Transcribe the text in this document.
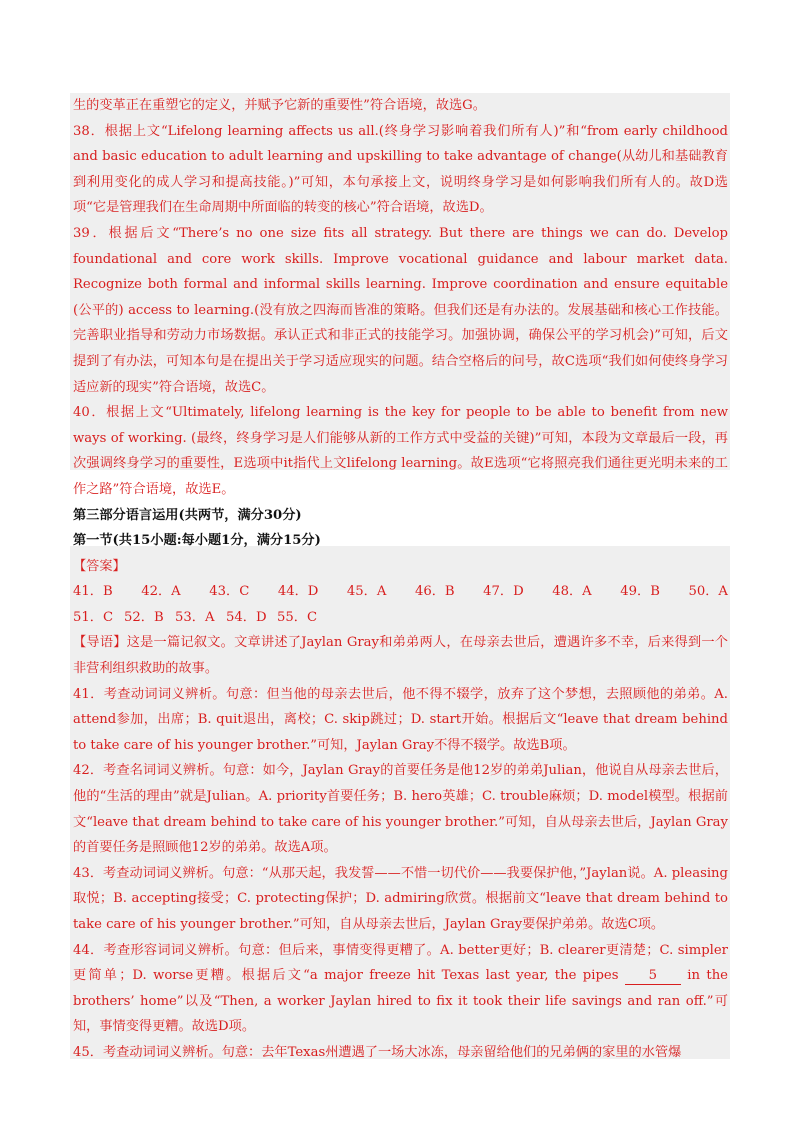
生的变革正在重塑它的定义，并赋予它新的重要性”符合语境，故选G。

38．根据上文“Lifelong learning affects us all.(终身学习影响着我们所有人)”和“from early childhood and basic education to adult learning and upskilling to take advantage of change(从幼儿和基础教育到利用变化的成人学习和提高技能。)”可知，本句承接上文，说明终身学习是如何影响我们所有人的。故D选项“它是管理我们在生命周期中所面临的转变的核心”符合语境，故选D。

39．根据后文“There’s no one size fits all strategy. But there are things we can do. Develop foundational and core work skills. Improve vocational guidance and labour market data. Recognize both formal and informal skills learning. Improve coordination and ensure equitable (公平的) access to learning.(没有放之四海而皆准的策略。但我们还是有办法的。发展基础和核心工作技能。完善职业指导和劳动力市场数据。承认正式和非正式的技能学习。加强协调，确保公平的学习机会)”可知，后文提到了有办法，可知本句是在提出关于学习适应现实的问题。结合空格后的问号，故C选项“我们如何使终身学习适应新的现实”符合语境，故选C。

40．根据上文“Ultimately, lifelong learning is the key for people to be able to benefit from new ways of working. (最终，终身学习是人们能够从新的工作方式中受益的关键)”可知，本段为文章最后一段，再次强调终身学习的重要性，E选项中it指代上文lifelong learning。故E选项“它将照亮我们通往更光明未来的工作之路”符合语境，故选E。

第三部分语言运用(共两节，满分30分)

第一节(共15小题:每小题1分，满分15分)

【答案】

41．B 42．A 43．C 44．D 45．A 46．B 47．D 48．A 49．B 50．A
51．C 52．B 53．A 54．D 55．C

【导语】这是一篇记叙文。文章讲述了Jaylan Gray和弟弟两人，在母亲去世后，遭遇许多不幸，后来得到一个非营利组织救助的故事。

41．考查动词词义辨析。句意：但当他的母亲去世后，他不得不辍学，放弃了这个梦想，去照顾他的弟弟。A. attend参加，出席；B. quit退出，离校；C. skip跳过；D. start开始。根据后文“leave that dream behind to take care of his younger brother.”可知，Jaylan Gray不得不辍学。故选B项。

42．考查名词词义辨析。句意：如今，Jaylan Gray的首要任务是他12岁的弟弟Julian，他说自从母亲去世后，他的“生活的理由”就是Julian。A. priority首要任务；B. hero英雄；C. trouble麻烦；D. model模型。根据前文“leave that dream behind to take care of his younger brother.”可知，自从母亲去世后，Jaylan Gray的首要任务是照顾他12岁的弟弟。故选A项。

43．考查动词词义辨析。句意：“从那天起，我发誓——不惜一切代价——我要保护他，”Jaylan说。A. pleasing取悦；B. accepting接受；C. protecting保护；D. admiring欣赏。根据前文“leave that dream behind to take care of his younger brother.”可知，自从母亲去世后，Jaylan Gray要保护弟弟。故选C项。

44．考查形容词词义辨析。句意：但后来，事情变得更糟了。A. better更好；B. clearer更清楚；C. simpler更简单；D. worse更糟。根据后文“a major freeze hit Texas last year, the pipes 5 in the brothers’ home”以及“Then, a worker Jaylan hired to fix it took their life savings and ran off.”可知，事情变得更糟。故选D项。

45．考查动词词义辨析。句意：去年Texas州遭遇了一场大冰冻，母亲留给他们的兄弟俩的家里的水管爆
